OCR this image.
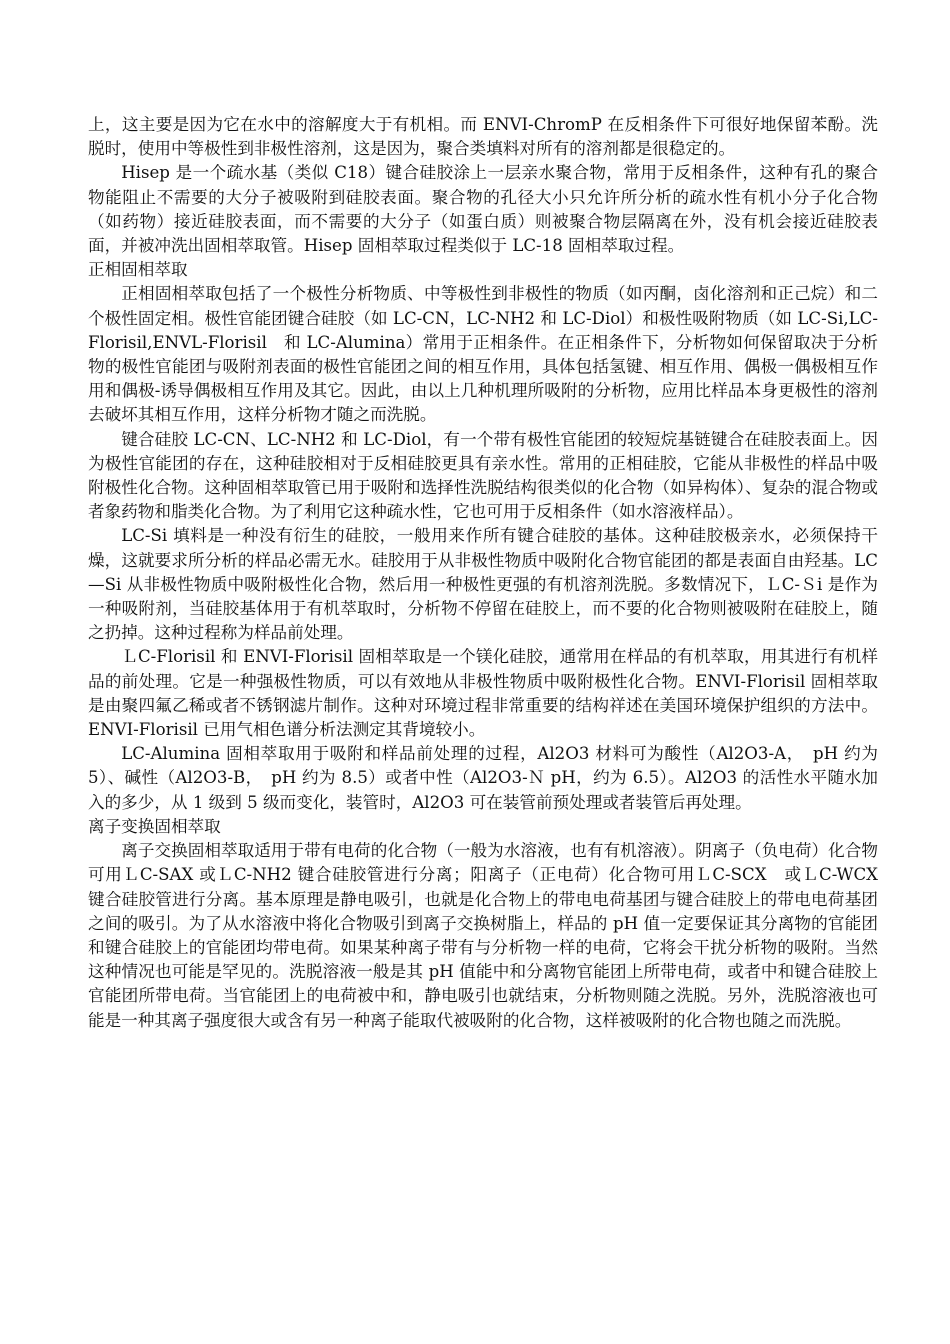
上，这主要是因为它在水中的溶解度大于有机相。而 ENVI-ChromP 在反相条件下可很好地保留苯酚。洗脱时，使用中等极性到非极性溶剂，这是因为，聚合类填料对所有的溶剂都是很稳定的。

Hisep 是一个疏水基（类似 C18）键合硅胶涂上一层亲水聚合物，常用于反相条件，这种有孔的聚合物能阻止不需要的大分子被吸附到硅胶表面。聚合物的孔径大小只允许所分析的疏水性有机小分子化合物（如药物）接近硅胶表面，而不需要的大分子（如蛋白质）则被聚合物层隔离在外，没有机会接近硅胶表面，并被冲洗出固相萃取管。Hisep 固相萃取过程类似于 LC-18 固相萃取过程。

正相固相萃取

正相固相萃取包括了一个极性分析物质、中等极性到非极性的物质（如丙酮，卤化溶剂和正己烷）和二个极性固定相。极性官能团键合硅胶（如 LC-CN，LC-NH2 和 LC-Diol）和极性吸附物质（如 LC-Si,LC-Florisil,ENVL-Florisil　和 LC-Alumina）常用于正相条件。在正相条件下，分析物如何保留取决于分析物的极性官能团与吸附剂表面的极性官能团之间的相互作用，具体包括氢键、相互作用、偶极一偶极相互作用和偶极-诱导偶极相互作用及其它。因此，由以上几种机理所吸附的分析物，应用比样品本身更极性的溶剂去破坏其相互作用，这样分析物才随之而洗脱。

键合硅胶 LC-CN、LC-NH2 和 LC-Diol，有一个带有极性官能团的较短烷基链键合在硅胶表面上。因为极性官能团的存在，这种硅胶相对于反相硅胶更具有亲水性。常用的正相硅胶，它能从非极性的样品中吸附极性化合物。这种固相萃取管已用于吸附和选择性洗脱结构很类似的化合物（如异构体）、复杂的混合物或者象药物和脂类化合物。为了利用它这种疏水性，它也可用于反相条件（如水溶液样品）。

LC-Si 填料是一种没有衍生的硅胶，一般用来作所有键合硅胶的基体。这种硅胶极亲水，必须保持干燥，这就要求所分析的样品必需无水。硅胶用于从非极性物质中吸附化合物官能团的都是表面自由羟基。LC—Si 从非极性物质中吸附极性化合物，然后用一种极性更强的有机溶剂洗脱。多数情况下，ＬC-Ｓi 是作为一种吸附剂，当硅胶基体用于有机萃取时，分析物不停留在硅胶上，而不要的化合物则被吸附在硅胶上，随之扔掉。这种过程称为样品前处理。

ＬC-Florisil 和 ENVI-Florisil 固相萃取是一个镁化硅胶，通常用在样品的有机萃取，用其进行有机样品的前处理。它是一种强极性物质，可以有效地从非极性物质中吸附极性化合物。ENVI-Florisil 固相萃取是由聚四氟乙稀或者不锈钢滤片制作。这种对环境过程非常重要的结构祥述在美国环境保护组织的方法中。ENVI-Florisil 已用气相色谱分析法测定其背境较小。

LC-Alumina 固相萃取用于吸附和样品前处理的过程，Al2O3 材料可为酸性（Al2O3-A，　pH 约为 5）、碱性（Al2O3-B，　pH 约为 8.5）或者中性（Al2O3-Ｎ pH，约为 6.5）。Al2O3 的活性水平随水加入的多少，从 1 级到 5 级而变化，装管时，Al2O3 可在装管前预处理或者装管后再处理。

离子变换固相萃取

离子交换固相萃取适用于带有电荷的化合物（一般为水溶液，也有有机溶液）。阴离子（负电荷）化合物可用ＬC-SAX 或ＬC-NH2 键合硅胶管进行分离；阳离子（正电荷）化合物可用ＬC-SCX　或ＬC-WCX　键合硅胶管进行分离。基本原理是静电吸引，也就是化合物上的带电电荷基团与键合硅胶上的带电电荷基团之间的吸引。为了从水溶液中将化合物吸引到离子交换树脂上，样品的 pH 值一定要保证其分离物的官能团和键合硅胶上的官能团均带电荷。如果某种离子带有与分析物一样的电荷，它将会干扰分析物的吸附。当然这种情况也可能是罕见的。洗脱溶液一般是其 pH 值能中和分离物官能团上所带电荷，或者中和键合硅胶上官能团所带电荷。当官能团上的电荷被中和，静电吸引也就结束，分析物则随之洗脱。另外，洗脱溶液也可能是一种其离子强度很大或含有另一种离子能取代被吸附的化合物，这样被吸附的化合物也随之而洗脱。
